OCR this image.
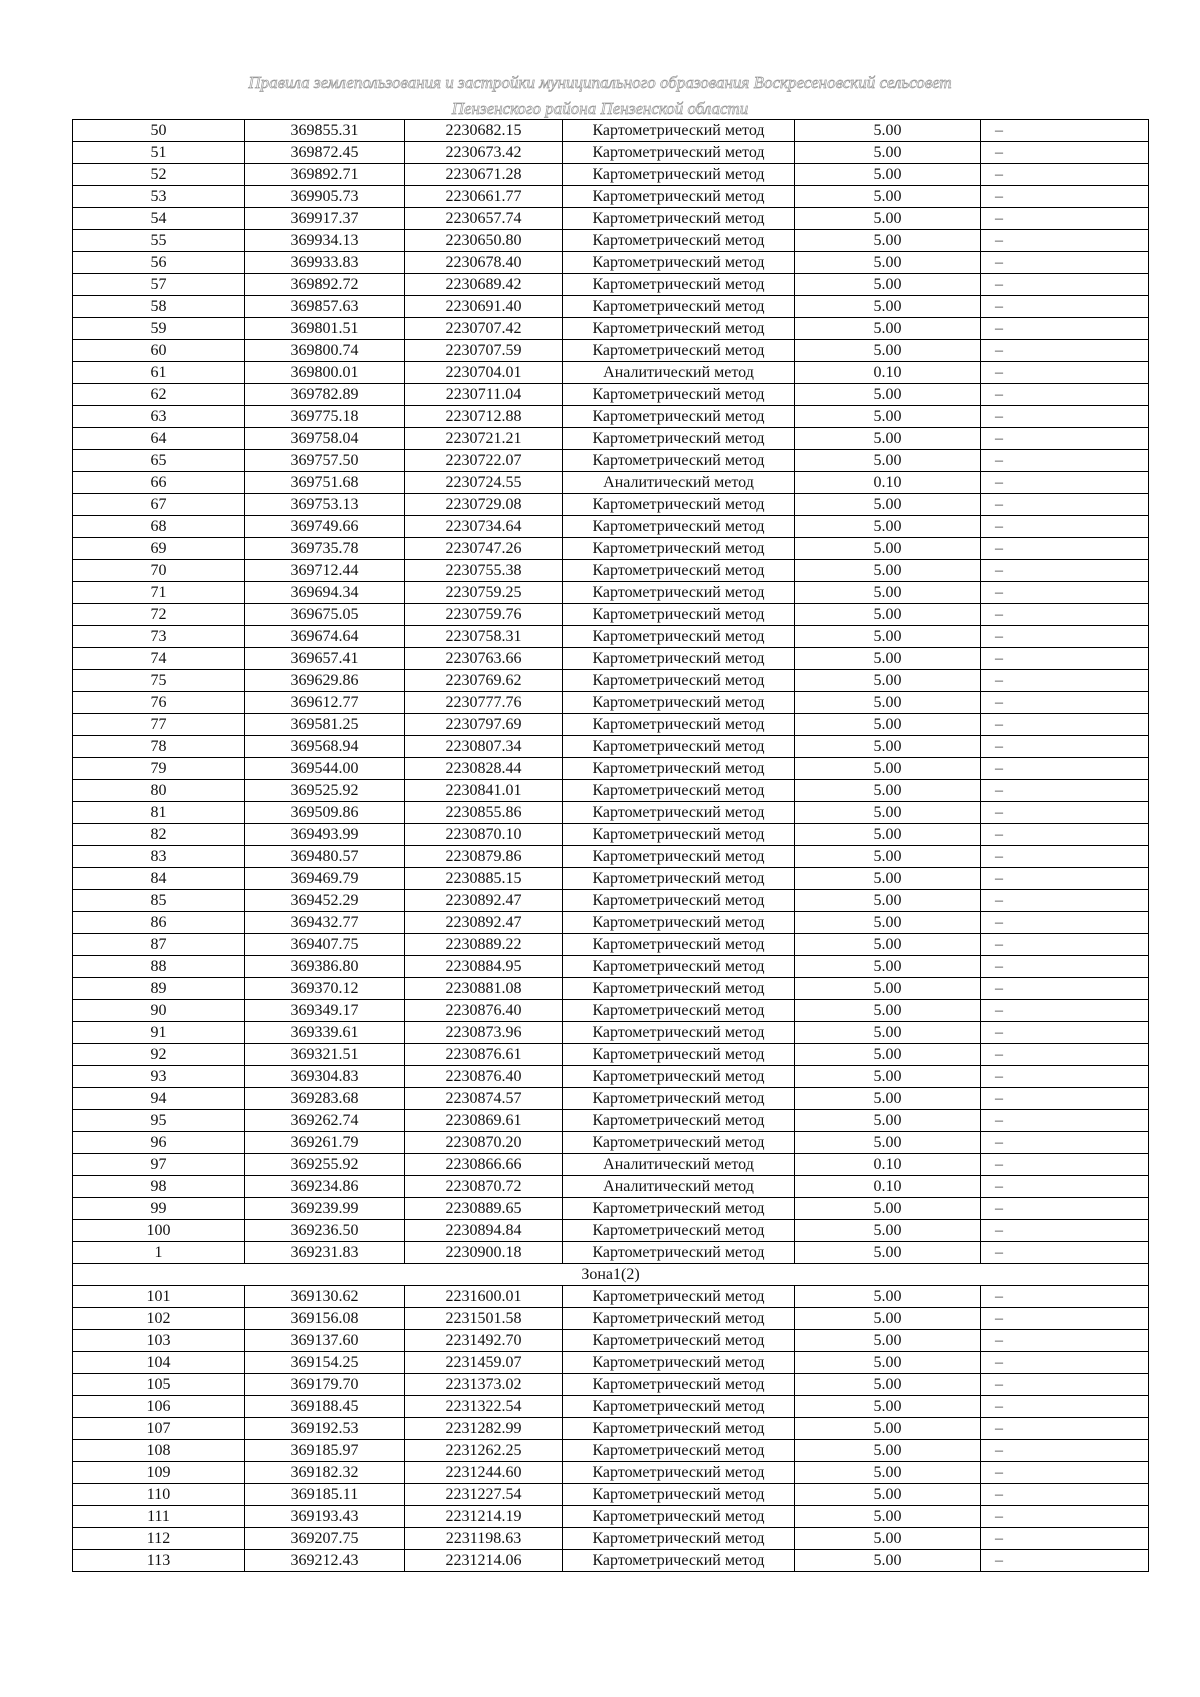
Правила землепользования и застройки муниципального образования Воскресеновский сельсовет
Пензенского района Пензенской области
50	369855.31	2230682.15	Картометрический метод	5.00	–
51	369872.45	2230673.42	Картометрический метод	5.00	–
52	369892.71	2230671.28	Картометрический метод	5.00	–
53	369905.73	2230661.77	Картометрический метод	5.00	–
54	369917.37	2230657.74	Картометрический метод	5.00	–
55	369934.13	2230650.80	Картометрический метод	5.00	–
56	369933.83	2230678.40	Картометрический метод	5.00	–
57	369892.72	2230689.42	Картометрический метод	5.00	–
58	369857.63	2230691.40	Картометрический метод	5.00	–
59	369801.51	2230707.42	Картометрический метод	5.00	–
60	369800.74	2230707.59	Картометрический метод	5.00	–
61	369800.01	2230704.01	Аналитический метод	0.10	–
62	369782.89	2230711.04	Картометрический метод	5.00	–
63	369775.18	2230712.88	Картометрический метод	5.00	–
64	369758.04	2230721.21	Картометрический метод	5.00	–
65	369757.50	2230722.07	Картометрический метод	5.00	–
66	369751.68	2230724.55	Аналитический метод	0.10	–
67	369753.13	2230729.08	Картометрический метод	5.00	–
68	369749.66	2230734.64	Картометрический метод	5.00	–
69	369735.78	2230747.26	Картометрический метод	5.00	–
70	369712.44	2230755.38	Картометрический метод	5.00	–
71	369694.34	2230759.25	Картометрический метод	5.00	–
72	369675.05	2230759.76	Картометрический метод	5.00	–
73	369674.64	2230758.31	Картометрический метод	5.00	–
74	369657.41	2230763.66	Картометрический метод	5.00	–
75	369629.86	2230769.62	Картометрический метод	5.00	–
76	369612.77	2230777.76	Картометрический метод	5.00	–
77	369581.25	2230797.69	Картометрический метод	5.00	–
78	369568.94	2230807.34	Картометрический метод	5.00	–
79	369544.00	2230828.44	Картометрический метод	5.00	–
80	369525.92	2230841.01	Картометрический метод	5.00	–
81	369509.86	2230855.86	Картометрический метод	5.00	–
82	369493.99	2230870.10	Картометрический метод	5.00	–
83	369480.57	2230879.86	Картометрический метод	5.00	–
84	369469.79	2230885.15	Картометрический метод	5.00	–
85	369452.29	2230892.47	Картометрический метод	5.00	–
86	369432.77	2230892.47	Картометрический метод	5.00	–
87	369407.75	2230889.22	Картометрический метод	5.00	–
88	369386.80	2230884.95	Картометрический метод	5.00	–
89	369370.12	2230881.08	Картометрический метод	5.00	–
90	369349.17	2230876.40	Картометрический метод	5.00	–
91	369339.61	2230873.96	Картометрический метод	5.00	–
92	369321.51	2230876.61	Картометрический метод	5.00	–
93	369304.83	2230876.40	Картометрический метод	5.00	–
94	369283.68	2230874.57	Картометрический метод	5.00	–
95	369262.74	2230869.61	Картометрический метод	5.00	–
96	369261.79	2230870.20	Картометрический метод	5.00	–
97	369255.92	2230866.66	Аналитический метод	0.10	–
98	369234.86	2230870.72	Аналитический метод	0.10	–
99	369239.99	2230889.65	Картометрический метод	5.00	–
100	369236.50	2230894.84	Картометрический метод	5.00	–
1	369231.83	2230900.18	Картометрический метод	5.00	–
Зона1(2)					
101	369130.62	2231600.01	Картометрический метод	5.00	–
102	369156.08	2231501.58	Картометрический метод	5.00	–
103	369137.60	2231492.70	Картометрический метод	5.00	–
104	369154.25	2231459.07	Картометрический метод	5.00	–
105	369179.70	2231373.02	Картометрический метод	5.00	–
106	369188.45	2231322.54	Картометрический метод	5.00	–
107	369192.53	2231282.99	Картометрический метод	5.00	–
108	369185.97	2231262.25	Картометрический метод	5.00	–
109	369182.32	2231244.60	Картометрический метод	5.00	–
110	369185.11	2231227.54	Картометрический метод	5.00	–
111	369193.43	2231214.19	Картометрический метод	5.00	–
112	369207.75	2231198.63	Картометрический метод	5.00	–
113	369212.43	2231214.06	Картометрический метод	5.00	–
